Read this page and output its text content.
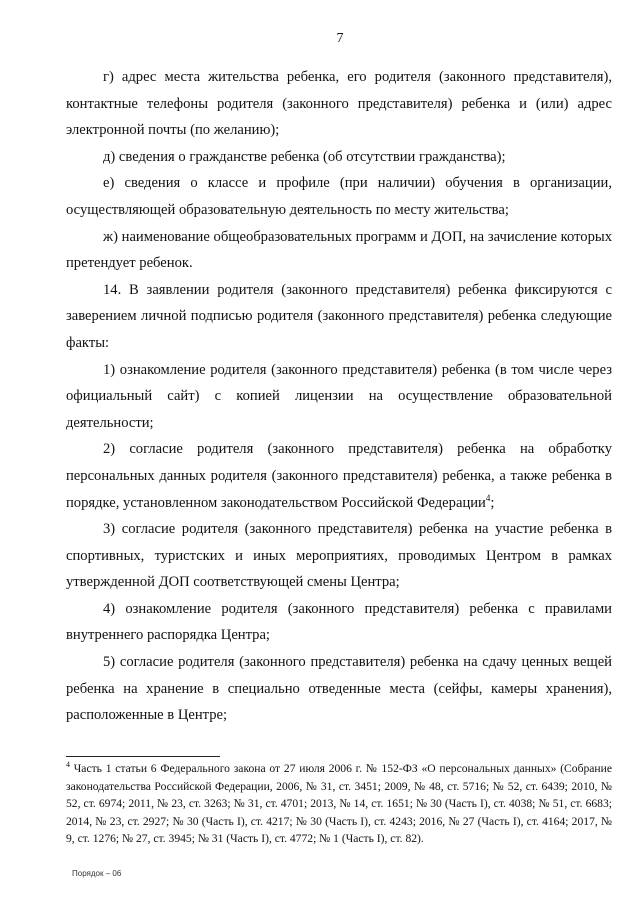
7

г) адрес места жительства ребенка, его родителя (законного представителя), контактные телефоны родителя (законного представителя) ребенка и (или) адрес электронной почты (по желанию);

д) сведения о гражданстве ребенка (об отсутствии гражданства);

е) сведения о классе и профиле (при наличии) обучения в организации, осуществляющей образовательную деятельность по месту жительства;

ж) наименование общеобразовательных программ и ДОП, на зачисление которых претендует ребенок.

14. В заявлении родителя (законного представителя) ребенка фиксируются с заверением личной подписью родителя (законного представителя) ребенка следующие факты:

1) ознакомление родителя (законного представителя) ребенка (в том числе через официальный сайт) с копией лицензии на осуществление образовательной деятельности;

2) согласие родителя (законного представителя) ребенка на обработку персональных данных родителя (законного представителя) ребенка, а также ребенка в порядке, установленном законодательством Российской Федерации$^4$;

3) согласие родителя (законного представителя) ребенка на участие ребенка в спортивных, туристских и иных мероприятиях, проводимых Центром в рамках утвержденной ДОП соответствующей смены Центра;

4) ознакомление родителя (законного представителя) ребенка с правилами внутреннего распорядка Центра;

5) согласие родителя (законного представителя) ребенка на сдачу ценных вещей ребенка на хранение в специально отведенные места (сейфы, камеры хранения), расположенные в Центре;

$^4$ Часть 1 статьи 6 Федерального закона от 27 июля 2006 г. № 152-ФЗ «О персональных данных» (Собрание законодательства Российской Федерации, 2006, № 31, ст. 3451; 2009, № 48, ст. 5716; № 52, ст. 6439; 2010, № 52, ст. 6974; 2011, № 23, ст. 3263; № 31, ст. 4701; 2013, № 14, ст. 1651; № 30 (Часть I), ст. 4038; № 51, ст. 6683; 2014, № 23, ст. 2927; № 30 (Часть I), ст. 4217; № 30 (Часть I), ст. 4243; 2016, № 27 (Часть I), ст. 4164; 2017, № 9, ст. 1276; № 27, ст. 3945; № 31 (Часть I), ст. 4772; № 1 (Часть I), ст. 82).

Порядок – 06
